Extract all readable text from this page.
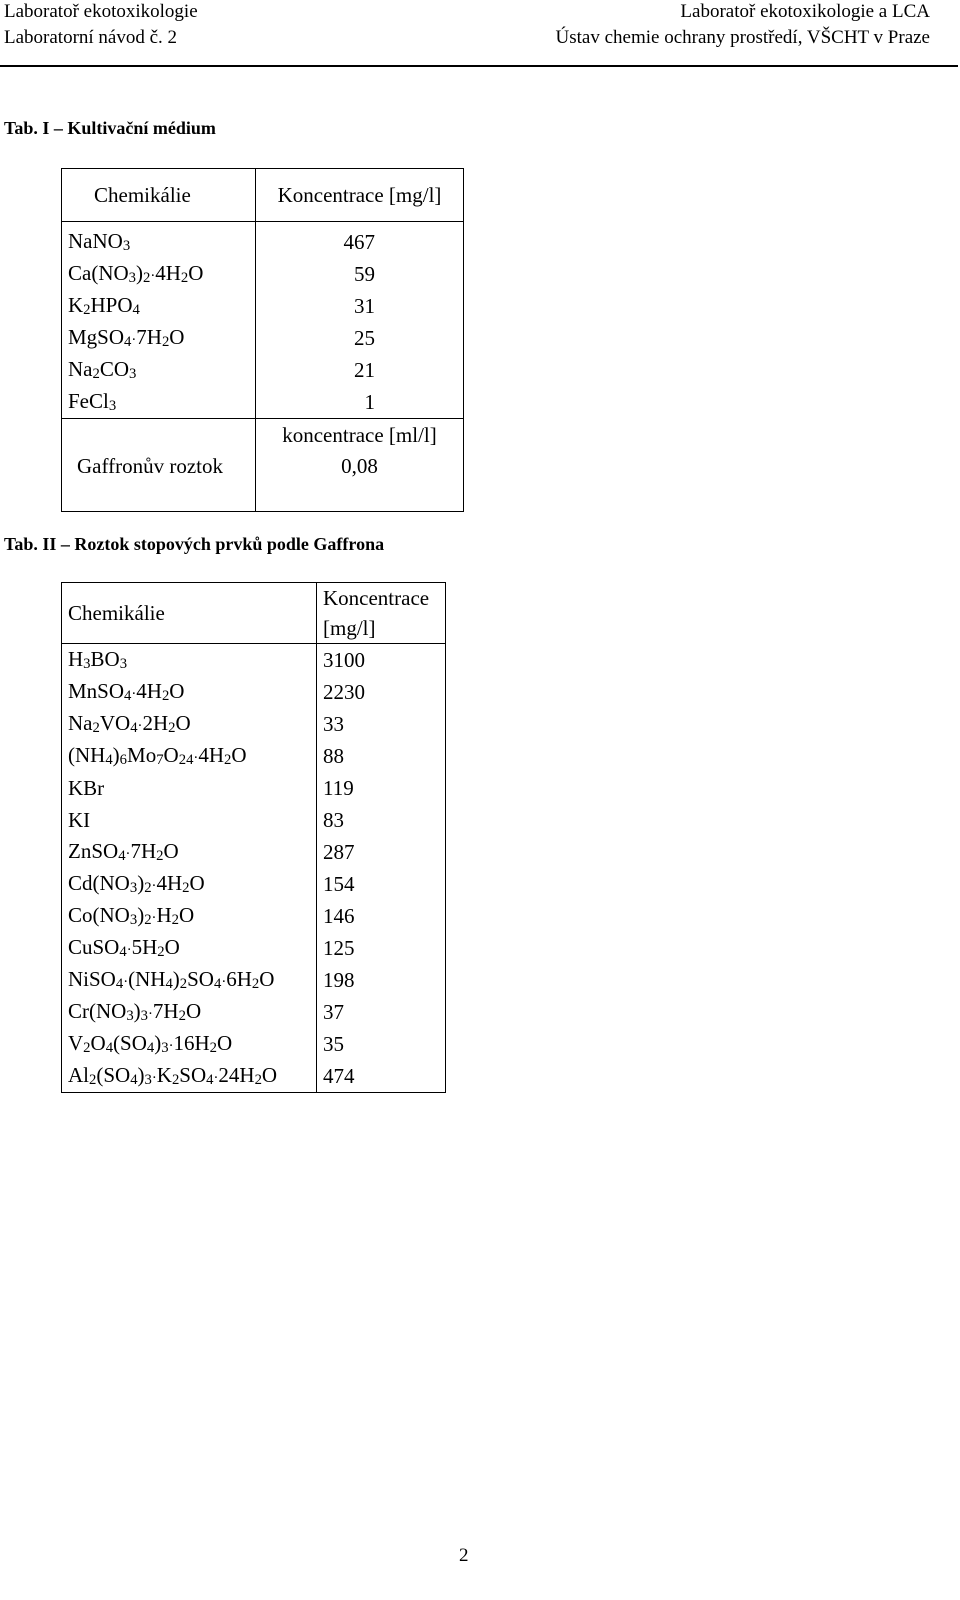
Laboratoř ekotoxikologie
Laboratorní návod č. 2
Laboratoř ekotoxikologie a LCA
Ústav chemie ochrany prostředí, VŠCHT v Praze
Tab. I – Kultivační médium
Chemikálie	Koncentrace [mg/l]
NaNO$_3$	467
$Ca(NO_3)_2\cdot 4H_2O$	59
$K_2HPO_4$	31
$MgSO_4\cdot 7H_2O$	25
$Na_2CO_3$	21
FeCl$_3$	1
	koncentrace [ml/l]
Gaffronův roztok	0,08
Tab. II – Roztok stopových prvků podle Gaffrona
Chemikálie	Koncentrace
[mg/l]
$H_3BO_3$	3100
$MnSO_4\cdot 4H_2O$	2230
$Na_2VO_4\cdot 2H_2O$	33
$(NH_4)_6Mo_7O_{24}\cdot 4H_2O$	88
KBr	119
KI	83
$ZnSO_4\cdot 7H_2O$	287
$Cd(NO_3)_2\cdot 4H_2O$	154
$Co(NO_3)_2\cdot H_2O$	146
$CuSO_4\cdot 5H_2O$	125
$NiSO_4\cdot(NH_4)_2SO_4\cdot 6H_2O$	198
$Cr(NO_3)_3\cdot 7H_2O$	37
$V_2O_4(SO_4)_3\cdot 16H_2O$	35
$Al_2(SO_4)_3\cdot K_2SO_4\cdot 24H_2O$	474
2
